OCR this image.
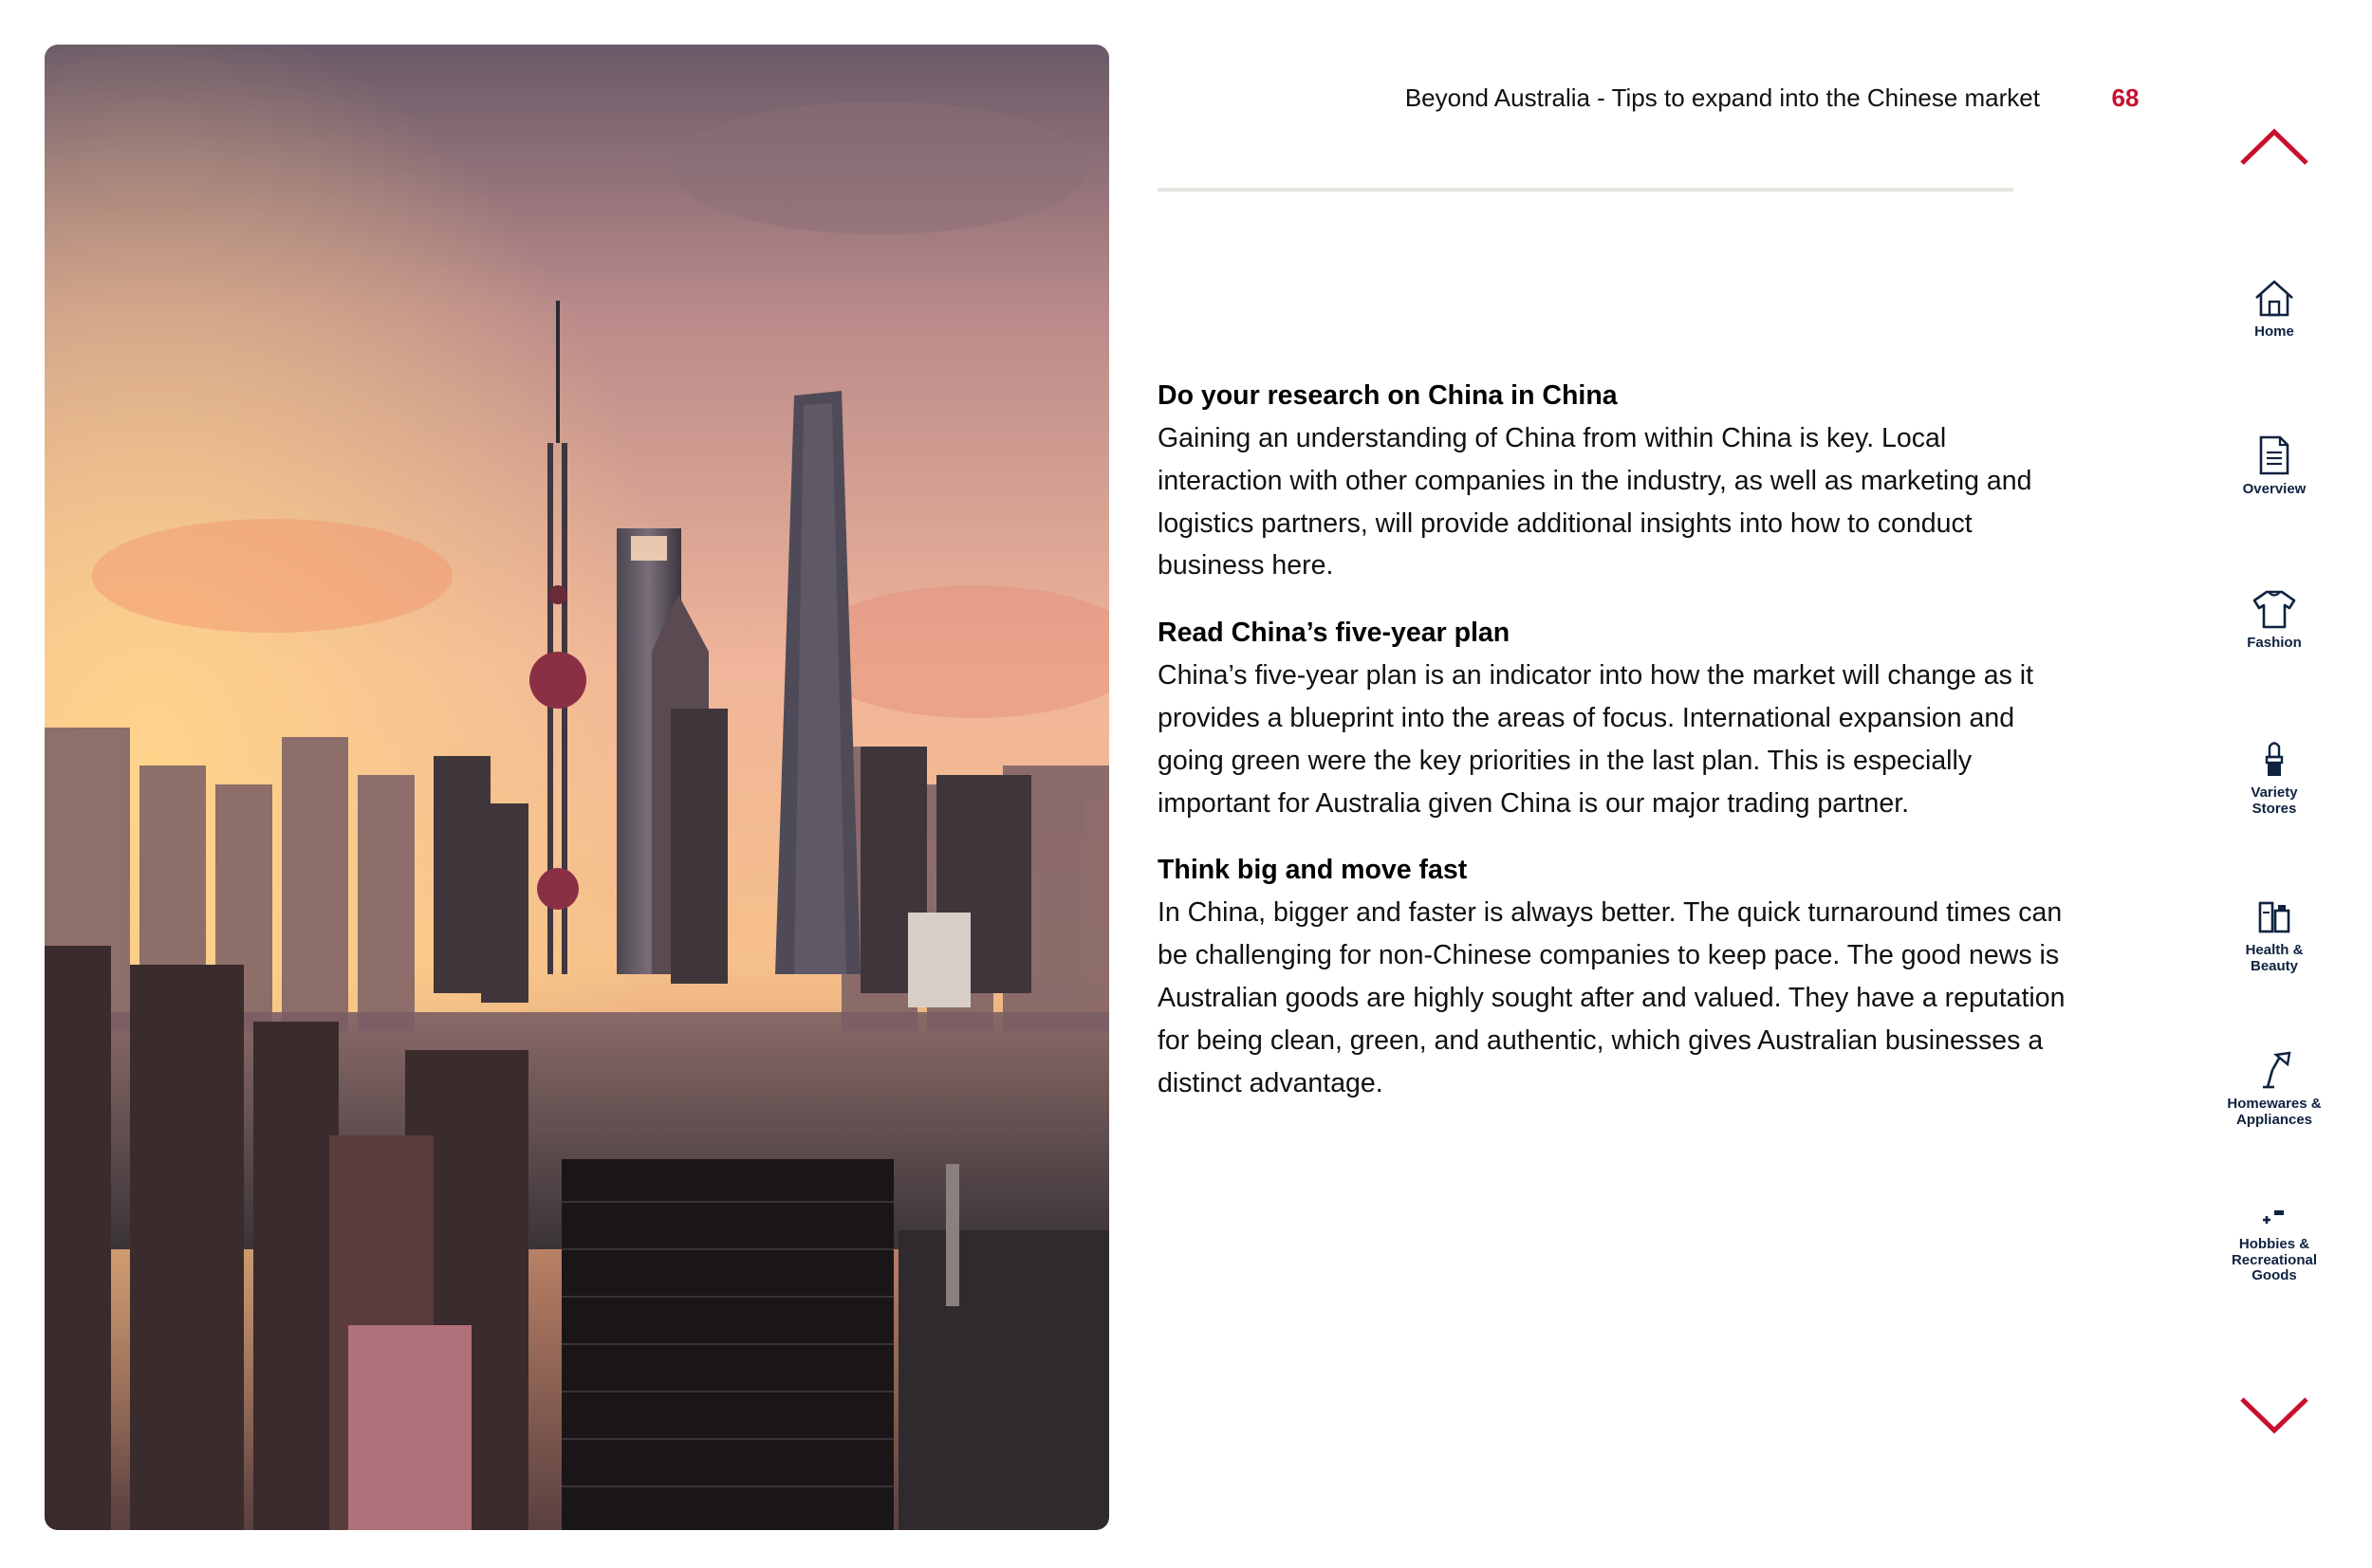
Beyond Australia - Tips to expand into the Chinese market	68
Do your research on China in China

Gaining an understanding of China from within China is key. Local interaction with other companies in the industry, as well as marketing and logistics partners, will provide additional insights into how to conduct business here.

Read China’s five-year plan

China’s five-year plan is an indicator into how the market will change as it provides a blueprint into the areas of focus. International expansion and going green were the key priorities in the last plan. This is especially important for Australia given China is our major trading partner.

Think big and move fast

In China, bigger and faster is always better. The quick turnaround times can be challenging for non-Chinese companies to keep pace. The good news is Australian goods are highly sought after and valued. They have a reputation for being clean, green, and authentic, which gives Australian businesses a distinct advantage.

Home
Overview
Fashion
Variety Stores
Health & Beauty
Homewares & Appliances
Hobbies & Recreational Goods
